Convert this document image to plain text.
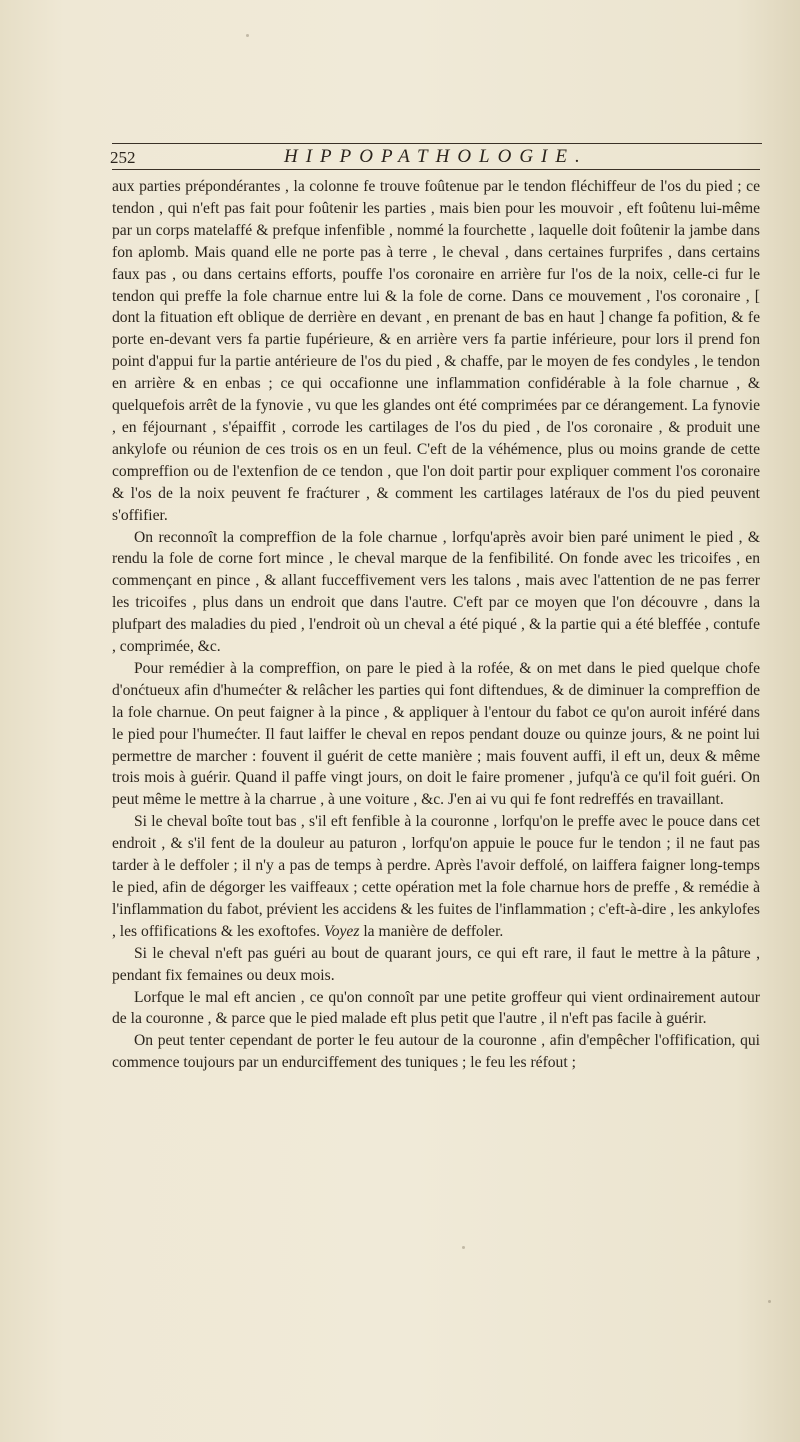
252	HIPPOPATHOLOGIE.

aux parties prépondérantes , la colonne fe trouve foûtenue par le tendon fléchiffeur de l'os du pied ; ce tendon , qui n'eft pas fait pour foûtenir les parties , mais bien pour les mouvoir , eft foûtenu lui-même par un corps matelaffé & prefque infenfible , nommé la fourchette , laquelle doit foûtenir la jambe dans fon aplomb. Mais quand elle ne porte pas à terre , le cheval , dans certaines furprifes , dans certains faux pas , ou dans certains efforts, pouffe l'os coronaire en arrière fur l'os de la noix, celle-ci fur le tendon qui preffe la fole charnue entre lui & la fole de corne. Dans ce mouvement , l'os coronaire , [ dont la fituation eft oblique de derrière en devant , en prenant de bas en haut ] change fa pofition, & fe porte en-devant vers fa partie fupérieure, & en arrière vers fa partie inférieure, pour lors il prend fon point d'appui fur la partie antérieure de l'os du pied , & chaffe, par le moyen de fes condyles , le tendon en arrière & en enbas ; ce qui occafionne une inflammation confidérable à la fole charnue , & quelquefois arrêt de la fynovie , vu que les glandes ont été comprimées par ce dérangement. La fynovie , en féjournant , s'épaiffit , corrode les cartilages de l'os du pied , de l'os coronaire , & produit une ankylofe ou réunion de ces trois os en un feul. C'eft de la véhémence, plus ou moins grande de cette compreffion ou de l'extenfion de ce tendon , que l'on doit partir pour expliquer comment l'os coronaire & l'os de la noix peuvent fe fraćturer , & comment les cartilages latéraux de l'os du pied peuvent s'offifier.

On reconnoît la compreffion de la fole charnue , lorfqu'après avoir bien paré uniment le pied , & rendu la fole de corne fort mince , le cheval marque de la fenfibilité. On fonde avec les tricoifes , en commençant en pince , & allant fucceffivement vers les talons , mais avec l'attention de ne pas ferrer les tricoifes , plus dans un endroit que dans l'autre. C'eft par ce moyen que l'on découvre , dans la plufpart des maladies du pied , l'endroit où un cheval a été piqué , & la partie qui a été bleffée , contufe , comprimée, &c.

Pour remédier à la compreffion, on pare le pied à la rofée, & on met dans le pied quelque chofe d'onćtueux afin d'humećter & relâcher les parties qui font diftendues, & de diminuer la compreffion de la fole charnue. On peut faigner à la pince , & appliquer à l'entour du fabot ce qu'on auroit inféré dans le pied pour l'humećter. Il faut laiffer le cheval en repos pendant douze ou quinze jours, & ne point lui permettre de marcher : fouvent il guérit de cette manière ; mais fouvent auffi, il eft un, deux & même trois mois à guérir. Quand il paffe vingt jours, on doit le faire promener , jufqu'à ce qu'il foit guéri. On peut même le mettre à la charrue , à une voiture , &c. J'en ai vu qui fe font redreffés en travaillant.

Si le cheval boîte tout bas , s'il eft fenfible à la couronne , lorfqu'on le preffe avec le pouce dans cet endroit , & s'il fent de la douleur au paturon , lorfqu'on appuie le pouce fur le tendon ; il ne faut pas tarder à le deffoler ; il n'y a pas de temps à perdre. Après l'avoir deffolé, on laiffera faigner long-temps le pied, afin de dégorger les vaiffeaux ; cette opération met la fole charnue hors de preffe , & remédie à l'inflammation du fabot, prévient les accidens & les fuites de l'inflammation ; c'eft-à-dire , les ankylofes , les offifications & les exoftofes. Voyez la manière de deffoler.

Si le cheval n'eft pas guéri au bout de quarant jours, ce qui eft rare, il faut le mettre à la pâture , pendant fix femaines ou deux mois.

Lorfque le mal eft ancien , ce qu'on connoît par une petite groffeur qui vient ordinairement autour de la couronne , & parce que le pied malade eft plus petit que l'autre , il n'eft pas facile à guérir.

On peut tenter cependant de porter le feu autour de la couronne , afin d'empêcher l'offification, qui commence toujours par un endurciffement des tuniques ; le feu les réfout ;
